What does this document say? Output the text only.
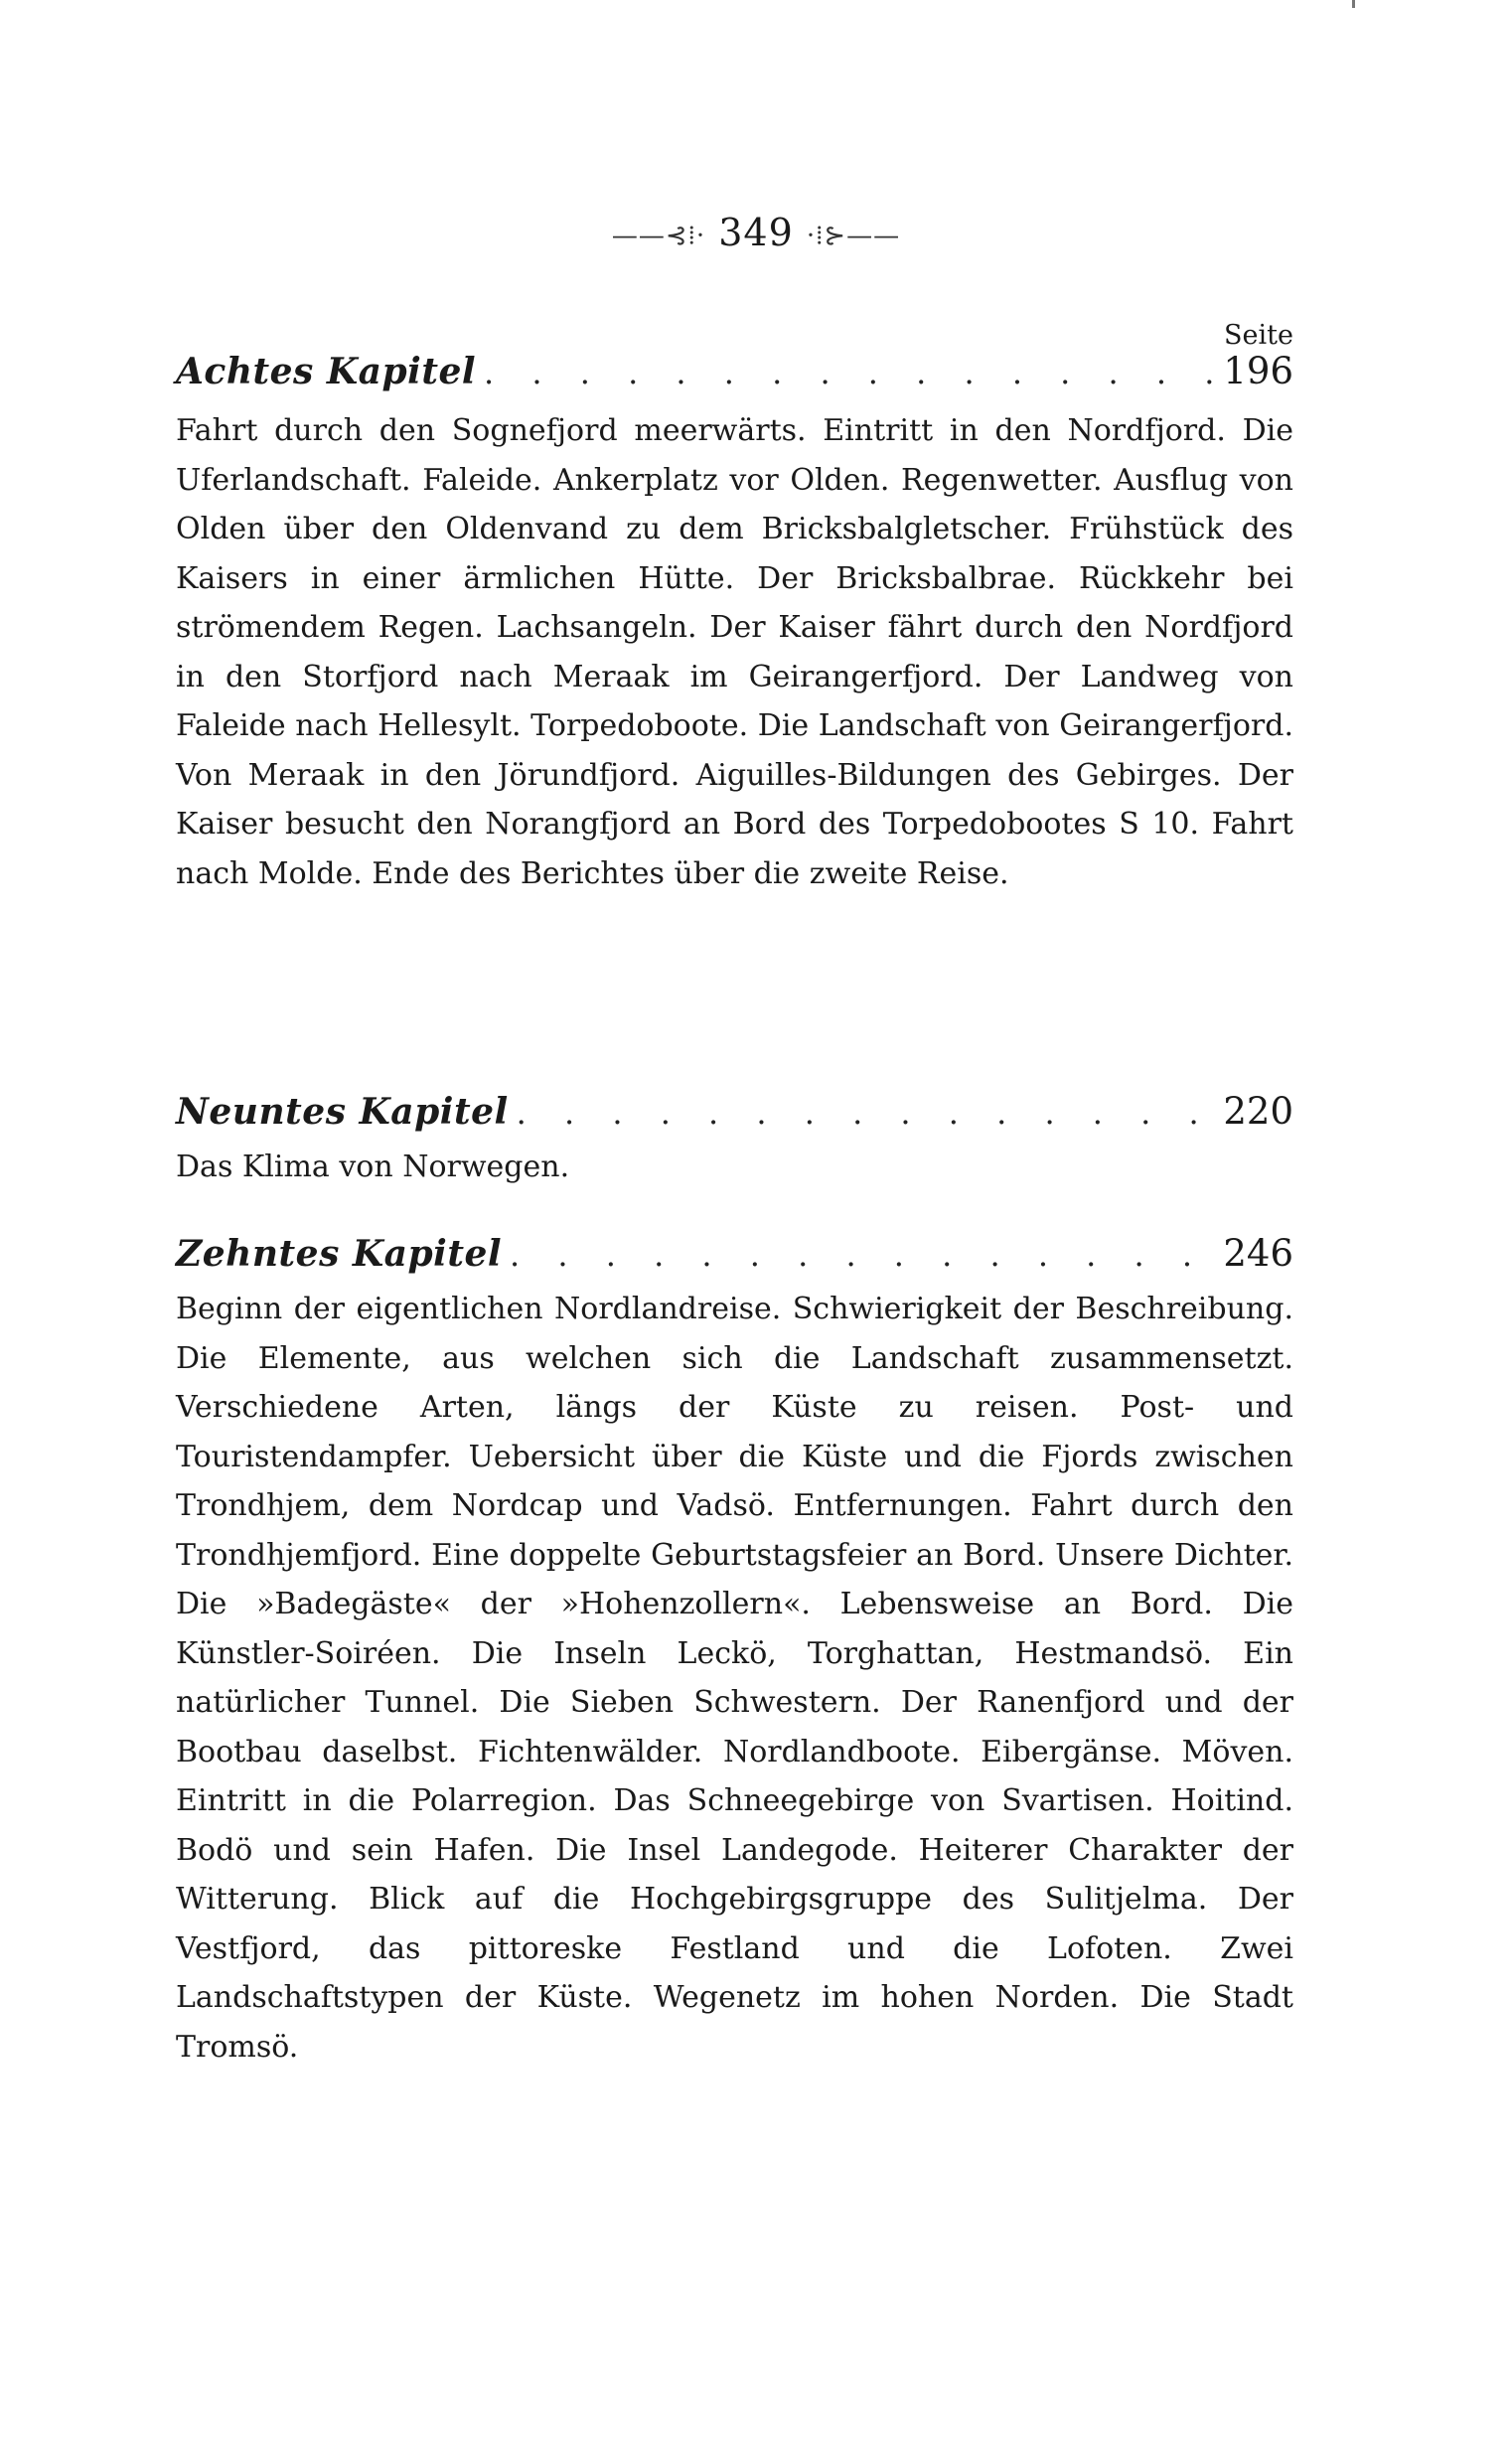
——⊰⁞· 349 ·⁞⊱——
Seite
Achtes Kapitel . . .	196
Fahrt durch den Sognefjord meerwärts. Eintritt in den Nordfjord. Die Uferlandschaft. Faleide. Ankerplatz vor Olden. Regenwetter. Ausflug von Olden über den Oldenvand zu dem Bricksbalgletscher. Frühstück des Kaisers in einer ärmlichen Hütte. Der Bricksbalbrae. Rückkehr bei strömendem Regen. Lachsangeln. Der Kaiser fährt durch den Nordfjord in den Storfjord nach Meraak im Geirangerfjord. Der Landweg von Faleide nach Hellesylt. Torpedoboote. Die Landschaft von Geirangerfjord. Von Meraak in den Jörundfjord. Aiguilles-Bildungen des Gebirges. Der Kaiser besucht den Norangfjord an Bord des Torpedobootes S 10. Fahrt nach Molde. Ende des Berichtes über die zweite Reise.
Neuntes Kapitel . . .	220
Das Klima von Norwegen.
Zehntes Kapitel . . .	246
Beginn der eigentlichen Nordlandreise. Schwierigkeit der Beschreibung. Die Elemente, aus welchen sich die Landschaft zusammensetzt. Verschiedene Arten, längs der Küste zu reisen. Post- und Touristendampfer. Uebersicht über die Küste und die Fjords zwischen Trondhjem, dem Nordcap und Vadsö. Entfernungen. Fahrt durch den Trondhjemfjord. Eine doppelte Geburtstagsfeier an Bord. Unsere Dichter. Die »Badegäste« der »Hohenzollern«. Lebensweise an Bord. Die Künstler-Soiréen. Die Inseln Leckö, Torghattan, Hestmandsö. Ein natürlicher Tunnel. Die Sieben Schwestern. Der Ranenfjord und der Bootbau daselbst. Fichtenwälder. Nordlandboote. Eibergänse. Möven. Eintritt in die Polarregion. Das Schneegebirge von Svartisen. Hoitind. Bodö und sein Hafen. Die Insel Landegode. Heiterer Charakter der Witterung. Blick auf die Hochgebirgsgruppe des Sulitjelma. Der Vestfjord, das pittoreske Festland und die Lofoten. Zwei Landschaftstypen der Küste. Wegenetz im hohen Norden. Die Stadt Tromsö.
